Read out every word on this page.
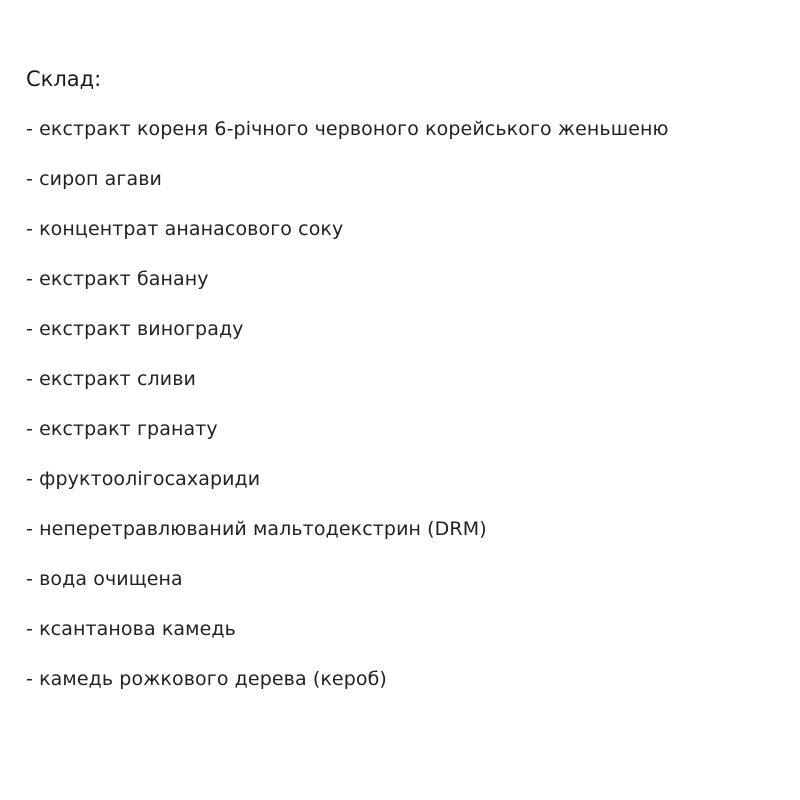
Склад:
- екстракт кореня 6-річного червоного корейського женьшеню
- сироп агави
- концентрат ананасового соку
- екстракт банану
- екстракт винограду
- екстракт сливи
- екстракт гранату
- фруктоолігосахариди
- неперетравлюваний мальтодекстрин (DRM)
- вода очищена
- ксантанова камедь
- камедь рожкового дерева (кероб)
